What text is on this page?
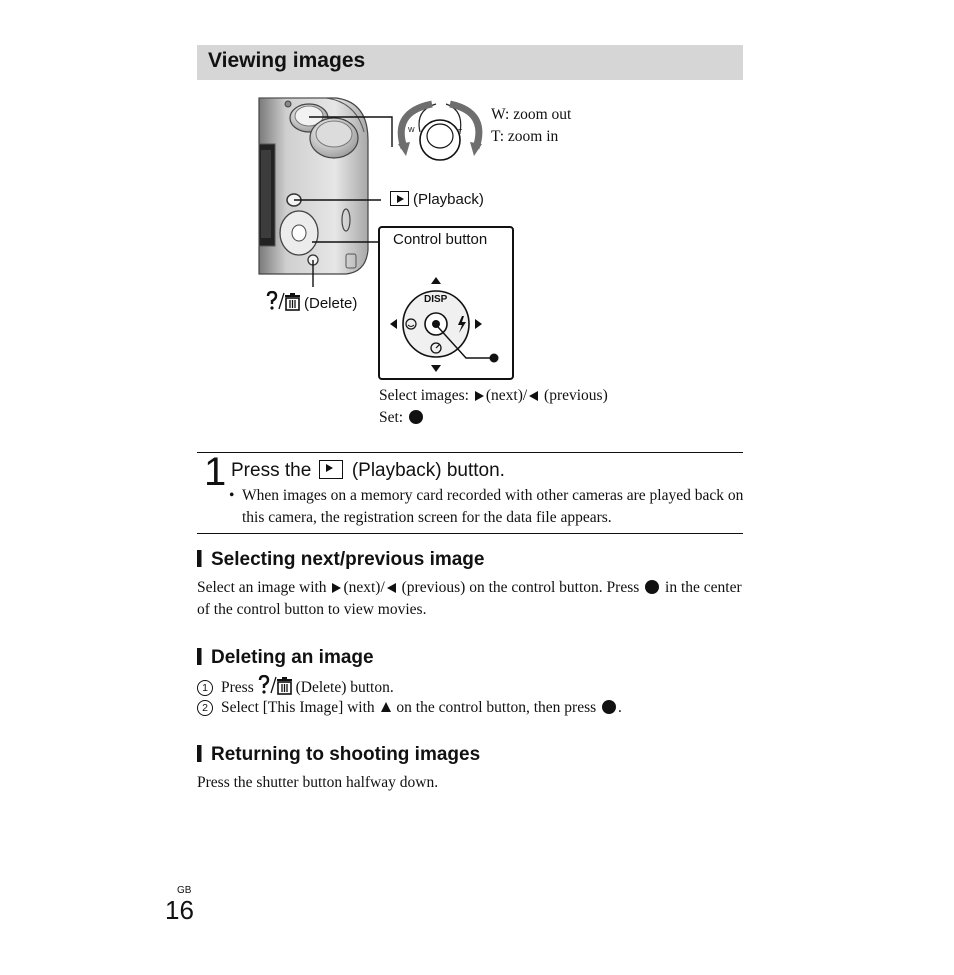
Viewing images
W	T
DISP
W: zoom out
T: zoom in
(Playback)
Control button
(Delete)
Select images: (next)/ (previous)
Set:
1 Press the (Playback) button.
• When images on a memory card recorded with other cameras are played back on this camera, the registration screen for the data file appears.
Selecting next/previous image
Select an image with (next)/ (previous) on the control button. Press in the center of the control button to view movies.
Deleting an image
1 Press	(Delete) button.
2 Select [This Image] with on the control button, then press .
Returning to shooting images
Press the shutter button halfway down.
GB
16
